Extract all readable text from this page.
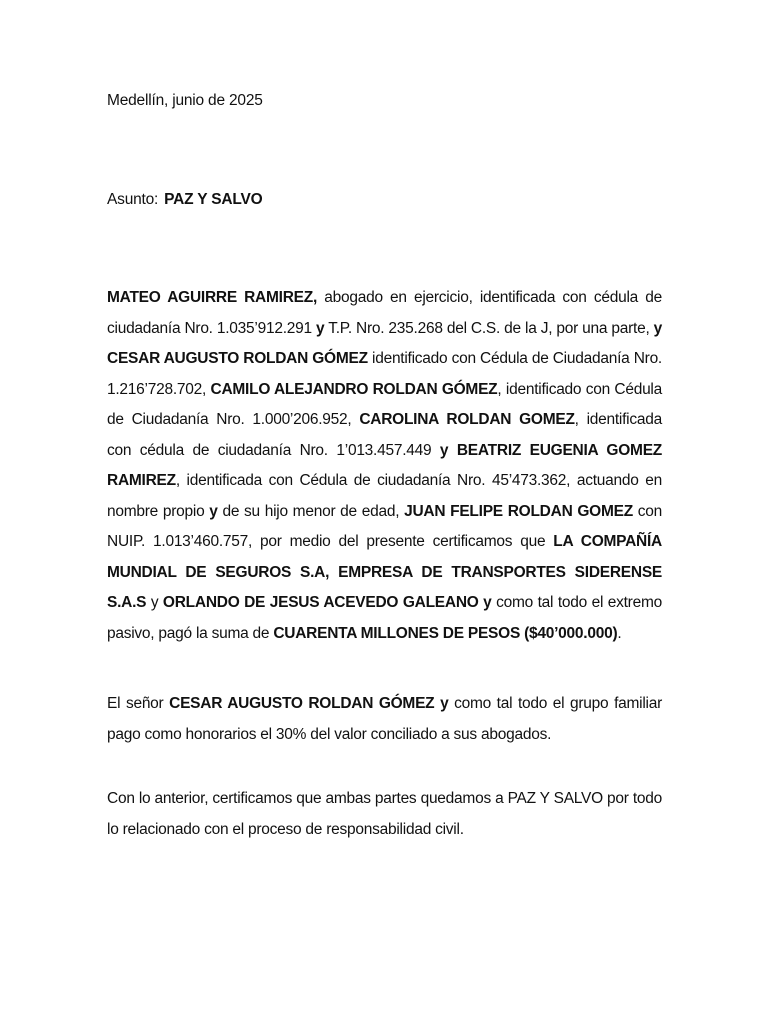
Medellín, junio de 2025
Asunto: PAZ Y SALVO

MATEO AGUIRRE RAMIREZ, abogado en ejercicio, identificada con cédula de ciudadanía Nro. 1.035’912.291 y T.P. Nro. 235.268 del C.S. de la J, por una parte, y CESAR AUGUSTO ROLDAN GÓMEZ identificado con Cédula de Ciudadanía Nro. 1.216’728.702, CAMILO ALEJANDRO ROLDAN GÓMEZ, identificado con Cédula de Ciudadanía Nro. 1.000’206.952, CAROLINA ROLDAN GOMEZ, identificada con cédula de ciudadanía Nro. 1’013.457.449 y BEATRIZ EUGENIA GOMEZ RAMIREZ, identificada con Cédula de ciudadanía Nro. 45’473.362, actuando en nombre propio y de su hijo menor de edad, JUAN FELIPE ROLDAN GOMEZ con NUIP. 1.013’460.757, por medio del presente certificamos que LA COMPAÑÍA MUNDIAL DE SEGUROS S.A, EMPRESA DE TRANSPORTES SIDERENSE S.A.S y ORLANDO DE JESUS ACEVEDO GALEANO y como tal todo el extremo pasivo, pagó la suma de CUARENTA MILLONES DE PESOS ($40’000.000).

El señor CESAR AUGUSTO ROLDAN GÓMEZ y como tal todo el grupo familiar pago como honorarios el 30% del valor conciliado a sus abogados.

Con lo anterior, certificamos que ambas partes quedamos a PAZ Y SALVO por todo lo relacionado con el proceso de responsabilidad civil.
